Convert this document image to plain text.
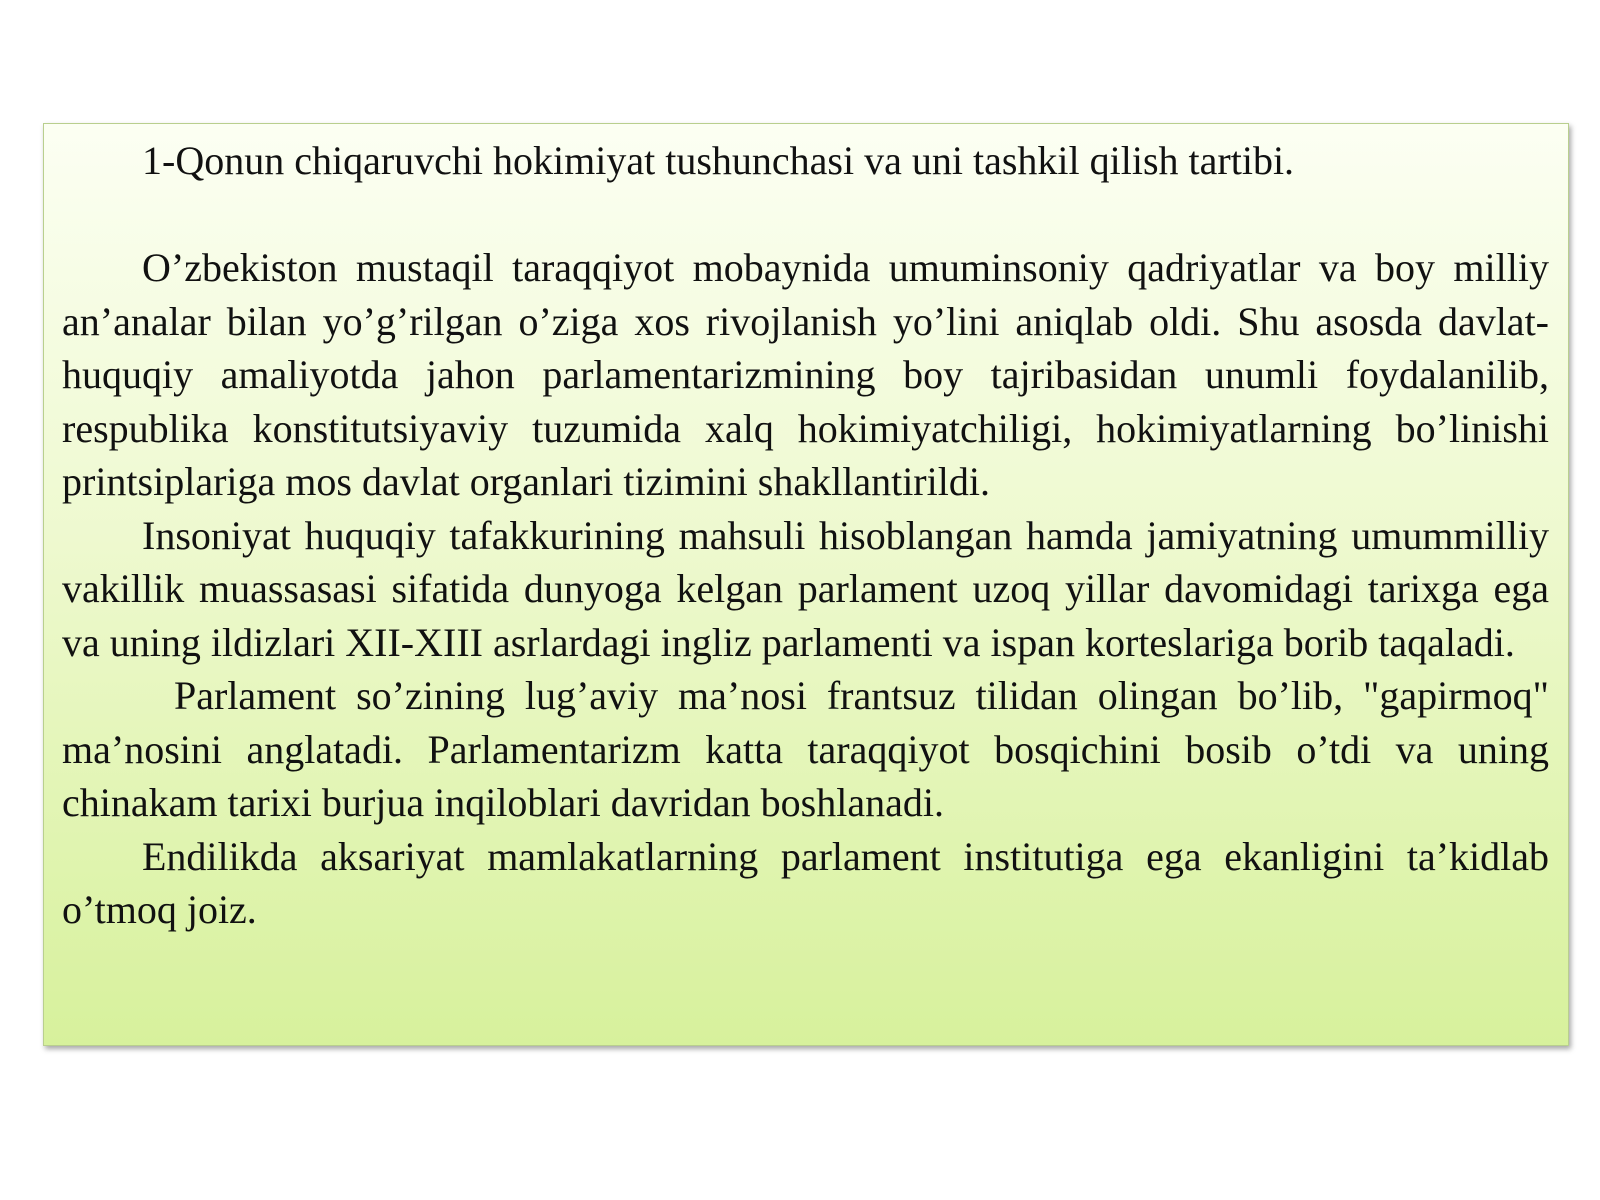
1-Qonun chiqaruvchi hokimiyat tushunchasi va uni tashkil qilish tartibi.

O’zbekiston mustaqil taraqqiyot mobaynida umuminsoniy qadriyatlar va boy milliy an’analar bilan yo’g’rilgan o’ziga xos rivojlanish yo’lini aniqlab oldi. Shu asosda davlat-huquqiy amaliyotda jahon parlamentarizmining boy tajribasidan unumli foydalanilib, respublika konstitutsiyaviy tuzumida xalq hokimiyatchiligi, hokimiyatlarning bo’linishi printsiplariga mos davlat organlari tizimini shakllantirildi.

Insoniyat huquqiy tafakkurining mahsuli hisoblangan hamda jamiyatning umummilliy vakillik muassasasi sifatida dunyoga kelgan parlament uzoq yillar davomidagi tarixga ega va uning ildizlari XII-XIII asrlardagi ingliz parlamenti va ispan korteslariga borib taqaladi.

Parlament so’zining lug’aviy ma’nosi frantsuz tilidan olingan bo’lib, "gapirmoq" ma’nosini anglatadi. Parlamentarizm katta taraqqiyot bosqichini bosib o’tdi va uning chinakam tarixi burjua inqiloblari davridan boshlanadi.

Endilikda aksariyat mamlakatlarning parlament institutiga ega ekanligini ta’kidlab o’tmoq joiz.
